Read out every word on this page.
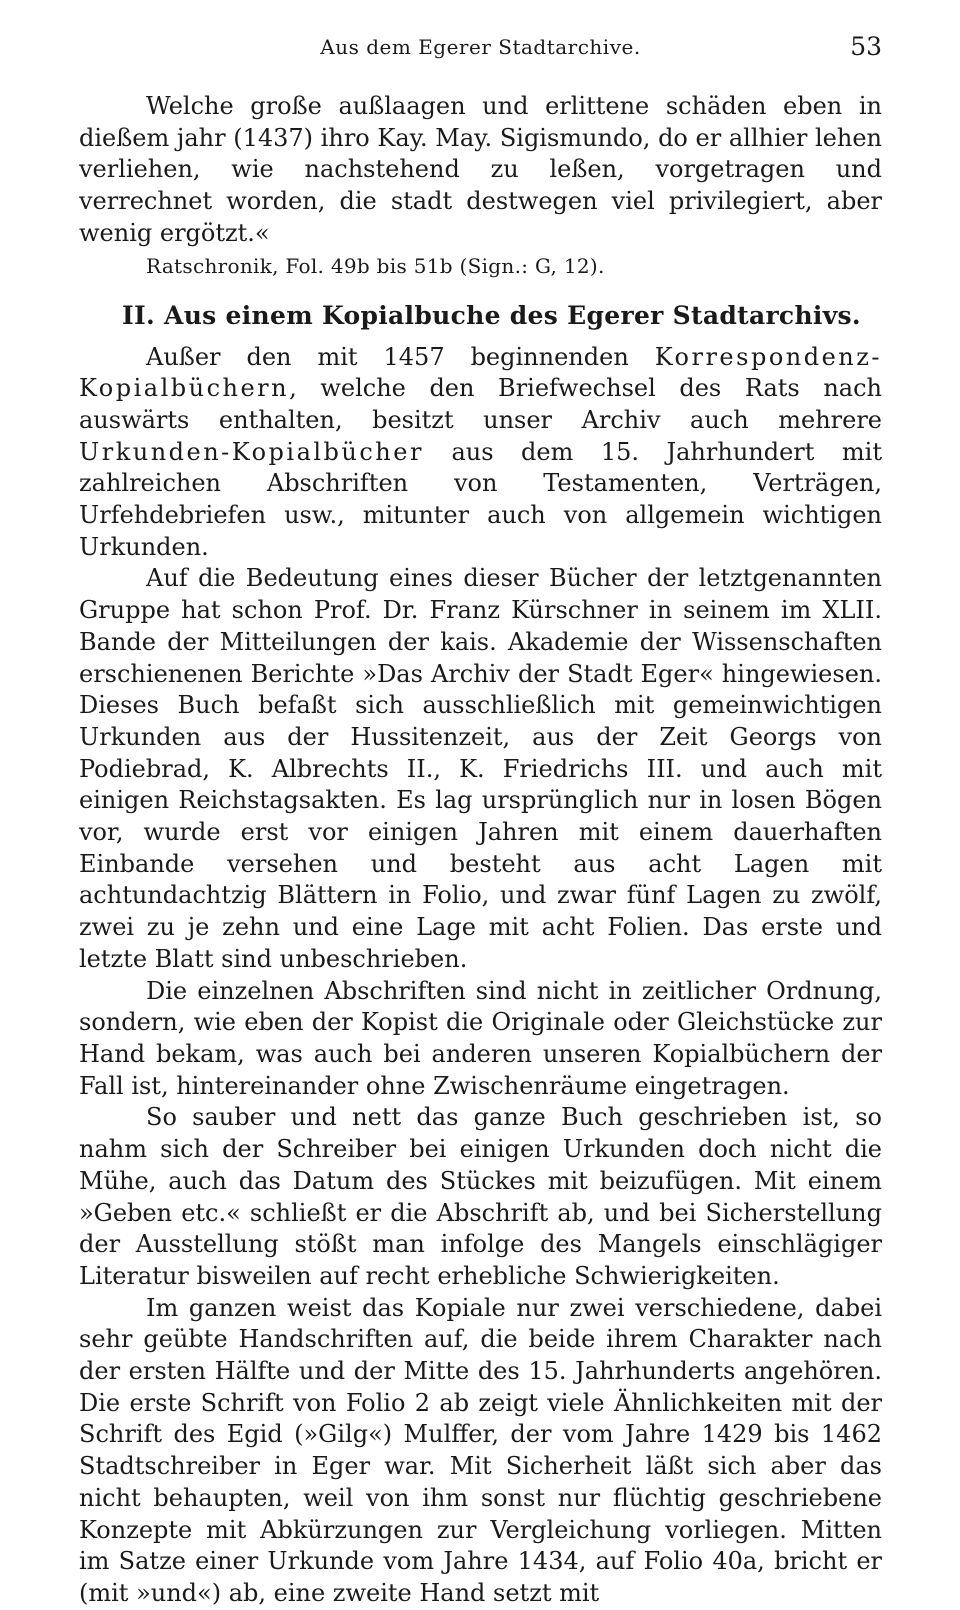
Aus dem Egerer Stadtarchive.	53

Welche große außlaagen und erlittene schäden eben in dießem jahr (1437) ihro Kay. May. Sigismundo, do er allhier lehen verliehen, wie nachstehend zu leßen, vorgetragen und verrechnet worden, die stadt destwegen viel privilegiert, aber wenig ergötzt.«

Ratschronik, Fol. 49b bis 51b (Sign.: G, 12).
II. Aus einem Kopialbuche des Egerer Stadtarchivs.

Außer den mit 1457 beginnenden Korrespondenz-Kopialbüchern, welche den Briefwechsel des Rats nach auswärts enthalten, besitzt unser Archiv auch mehrere Urkunden-Kopialbücher aus dem 15. Jahrhundert mit zahlreichen Abschriften von Testamenten, Verträgen, Urfehdebriefen usw., mitunter auch von allgemein wichtigen Urkunden.

Auf die Bedeutung eines dieser Bücher der letztgenannten Gruppe hat schon Prof. Dr. Franz Kürschner in seinem im XLII. Bande der Mitteilungen der kais. Akademie der Wissenschaften erschienenen Berichte »Das Archiv der Stadt Eger« hingewiesen. Dieses Buch befaßt sich ausschließlich mit gemeinwichtigen Urkunden aus der Hussitenzeit, aus der Zeit Georgs von Podiebrad, K. Albrechts II., K. Friedrichs III. und auch mit einigen Reichstagsakten. Es lag ursprünglich nur in losen Bögen vor, wurde erst vor einigen Jahren mit einem dauerhaften Einbande versehen und besteht aus acht Lagen mit achtundachtzig Blättern in Folio, und zwar fünf Lagen zu zwölf, zwei zu je zehn und eine Lage mit acht Folien. Das erste und letzte Blatt sind unbeschrieben.

Die einzelnen Abschriften sind nicht in zeitlicher Ordnung, sondern, wie eben der Kopist die Originale oder Gleichstücke zur Hand bekam, was auch bei anderen unseren Kopialbüchern der Fall ist, hintereinander ohne Zwischenräume eingetragen.

So sauber und nett das ganze Buch geschrieben ist, so nahm sich der Schreiber bei einigen Urkunden doch nicht die Mühe, auch das Datum des Stückes mit beizufügen. Mit einem »Geben etc.« schließt er die Abschrift ab, und bei Sicherstellung der Ausstellung stößt man infolge des Mangels einschlägiger Literatur bisweilen auf recht erhebliche Schwierigkeiten.

Im ganzen weist das Kopiale nur zwei verschiedene, dabei sehr geübte Handschriften auf, die beide ihrem Charakter nach der ersten Hälfte und der Mitte des 15. Jahrhunderts angehören. Die erste Schrift von Folio 2 ab zeigt viele Ähnlichkeiten mit der Schrift des Egid (»Gilg«) Mulffer, der vom Jahre 1429 bis 1462 Stadtschreiber in Eger war. Mit Sicherheit läßt sich aber das nicht behaupten, weil von ihm sonst nur flüchtig geschriebene Konzepte mit Abkürzungen zur Vergleichung vorliegen. Mitten im Satze einer Urkunde vom Jahre 1434, auf Folio 40a, bricht er (mit »und«) ab, eine zweite Hand setzt mit
